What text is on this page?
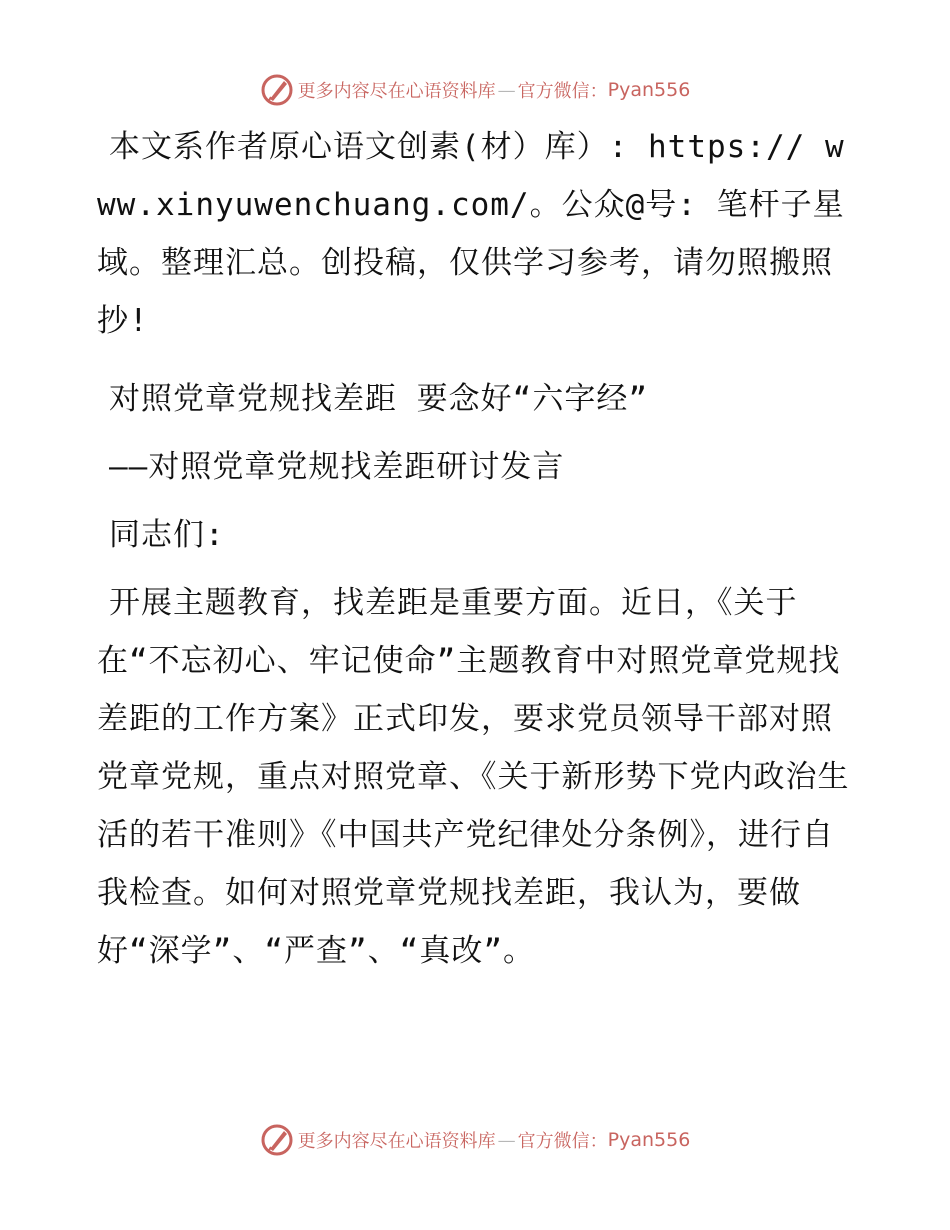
更多内容尽在心语资料库 — 官方微信： Pyan556

本文系作者原心语文创素(材）库）: https:// www.xinyuwenchuang.com/。公众@号: 笔杆子星域。整理汇总。创投稿，仅供学习参考，请勿照搬照抄!

对照党章党规找差距 要念好“六字经”

——对照党章党规找差距研讨发言

同志们:

开展主题教育，找差距是重要方面。近日，《关于在“不忘初心、牢记使命”主题教育中对照党章党规找差距的工作方案》正式印发，要求党员领导干部对照党章党规，重点对照党章、《关于新形势下党内政治生活的若干准则》《中国共产党纪律处分条例》，进行自我检查。如何对照党章党规找差距，我认为，要做好“深学”、“严查”、“真改”。

更多内容尽在心语资料库 — 官方微信： Pyan556
